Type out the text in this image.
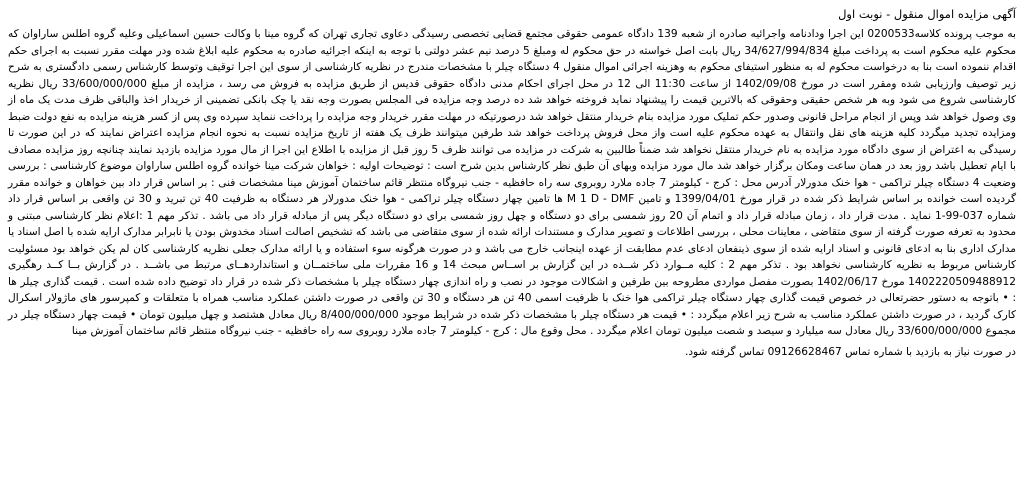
آگهی مزایده اموال منقول - نوبت اول

به موجب پرونده کلاسه0200533 این اجرا ودادنامه واجرائیه صادره از شعبه 139 دادگاه عمومی حقوقی مجتمع قضایی تخصصی رسیدگی دعاوی تجاری تهران که گروه مینا با وکالت حسین اسماعیلی وعلیه گروه اطلس ساراوان که محکوم علیه محکوم است به پرداخت مبلغ 34/627/994/834 ریال بابت اصل خواسته در حق محکوم له ومبلغ 5 درصد نیم عشر دولتی با توجه به اینکه اجرائیه صادره به محکوم علیه ابلاغ شده ودر مهلت مقرر نسبت به اجرای حکم اقدام ننموده است بنا به درخواست محکوم له به منظور استیفای محکوم به وهزینه اجرائی اموال منقول 4 دستگاه چیلر با مشخصات مندرج در نظریه کارشناسی از سوی این اجرا توقیف وتوسط کارشناس رسمی دادگستری به شرح زیر توصیف وارزیابی شده ومقرر است در مورخ 1402/09/08 از ساعت 11:30 الی 12 در محل اجرای احکام مدنی دادگاه حقوقی قدیس از طریق مزایده به فروش می رسد ، مزایده از مبلغ 33/600/000/000 ریال نظریه کارشناسی شروع می شود وبه هر شخص حقیقی وحقوقی که بالاترین قیمت را پیشنهاد نماید فروخته خواهد شد ده درصد وجه مزایده فی المجلس بصورت وجه نقد یا چک بانکی تضمینی از خریدار اخذ والباقی ظرف مدت یک ماه از وی وصول خواهد شد وپس از انجام مراحل قانونی وصدور حکم تملیک مورد مزایده بنام خریدار منتقل خواهد شد درصورتیکه در مهلت مقرر خریدار وجه مزایده را پرداخت ننماید سپرده وی پس از کسر هزینه مزایده به نفع دولت ضبط ومزایده تجدید میگردد کلیه هزینه های نقل وانتقال به عهده محکوم علیه است واز محل فروش پرداخت خواهد شد طرفین میتوانند ظرف یک هفته از تاریخ مزایده نسبت به نحوه انجام مزایده اعتراض نمایند که در این صورت تا رسیدگی به اعتراض از سوی دادگاه مورد مزایده به نام خریدار منتقل نخواهد شد ضمناً طالبین به شرکت در مزایده می توانند ظرف 5 روز قبل از مزایده با اطلاع این اجرا از مال مورد مزایده بازدید نمایند چنانچه روز مزایده مصادف با ایام تعطیل باشد روز بعد در همان ساعت ومکان برگزار خواهد شد مال مورد مزایده وبهای آن طبق نظر کارشناس بدین شرح است : توضیحات اولیه : خواهان شرکت مینا خوانده گروه اطلس ساراوان موضوع کارشناسی : بررسی وضعیت 4 دستگاه چیلر تراکمی - هوا خنک مدورلار آدرس محل : کرج - کیلومتر 7 جاده ملارد روبروی سه راه حافظیه - جنب نیروگاه منتظر قائم ساختمان آموزش مینا مشخصات فنی : بر اساس قرار داد بین خواهان و خوانده مقرر گردیده است خوانده بر اساس شرایط ذکر شده در قرار مورخ 1399/04/01 و تامین M 1 D - DMF ها تامین چهار دستگاه چیلر تراکمی - هوا خنک مدورلار هر دستگاه به ظرفیت 40 تن تبرید و 30 تن واقعی بر اساس قرار داد شماره 037-99-1 نماید . مدت قرار داد ، زمان مبادله قرار داد و اتمام آن 20 روز شمسی برای دو دستگاه و چهل روز شمسی برای دو دستگاه دیگر پس از مبادله قرار داد می باشد . تذکر مهم 1 :اعلام نظر کارشناسی مبتنی و محدود به تعرفه صورت گرفته از سوی متقاضی ، معاینات محلی ، بررسی اطلاعات و تصویر مدارک و مستندات ارائه شده از سوی متقاضی می باشد که تشخیص اصالت اسناد مخدوش بودن یا نابرابر مدارک ارایه شده با اصل اسناد یا مدارک اداری بنا به ادعای قانونی و اسناد ارایه شده از سوی ذینفعان ادعای عدم مطابقت از عهده اینجانب خارج می باشد و در صورت هرگونه سوء استفاده و یا ارائه مدارک جعلی نظریه کارشناسی کان لم یکن خواهد بود مسئولیت کارشناس مربوط به نظریه کارشناسی نخواهد بود . تذکر مهم 2 : کلیه مــوارد ذکر شــده در این گزارش بر اســاس مبحث 14 و 16 مقررات ملی ساختمــان و استانداردهــای مرتبط می باشــد . در گزارش بــا کــد رهگیری 1402220509488912 مورخ 1402/06/17 بصورت مفصل مواردی مطروحه بین طرفین و اشکالات موجود در نصب و راه اندازی چهار دستگاه چیلر با مشخصات ذکر شده در قرار داد توضیح داده شده است . قیمت گذاری چیلر ها : • باتوجه به دستور حضرتعالی در خصوص قیمت گذاری چهار دستگاه چیلر تراکمی هوا خنک با ظرفیت اسمی 40 تن هر دستگاه و 30 تن واقعی در صورت داشتن عملکرد مناسب همراه با متعلقات و کمپرسور های ماژولار اسکرال کارک گردید ، در صورت داشتن عملکرد مناسب به شرح زیر اعلام میگردد : • قیمت هر دستگاه چیلر با مشخصات ذکر شده در شرایط موجود 8/400/000/000 ریال معادل هشتصد و چهل میلیون تومان • قیمت چهار دستگاه چیلر در مجموع 33/600/000/000 ریال معادل سه میلیارد و سیصد و شصت میلیون تومان اعلام میگردد . محل وقوع مال : کرج - کیلومتر 7 جاده ملارد روبروی سه راه حافظیه - جنب نیروگاه منتظر قائم ساختمان آموزش مینا

در صورت نیاز به بازدید با شماره تماس 09126628467 تماس گرفته شود.
